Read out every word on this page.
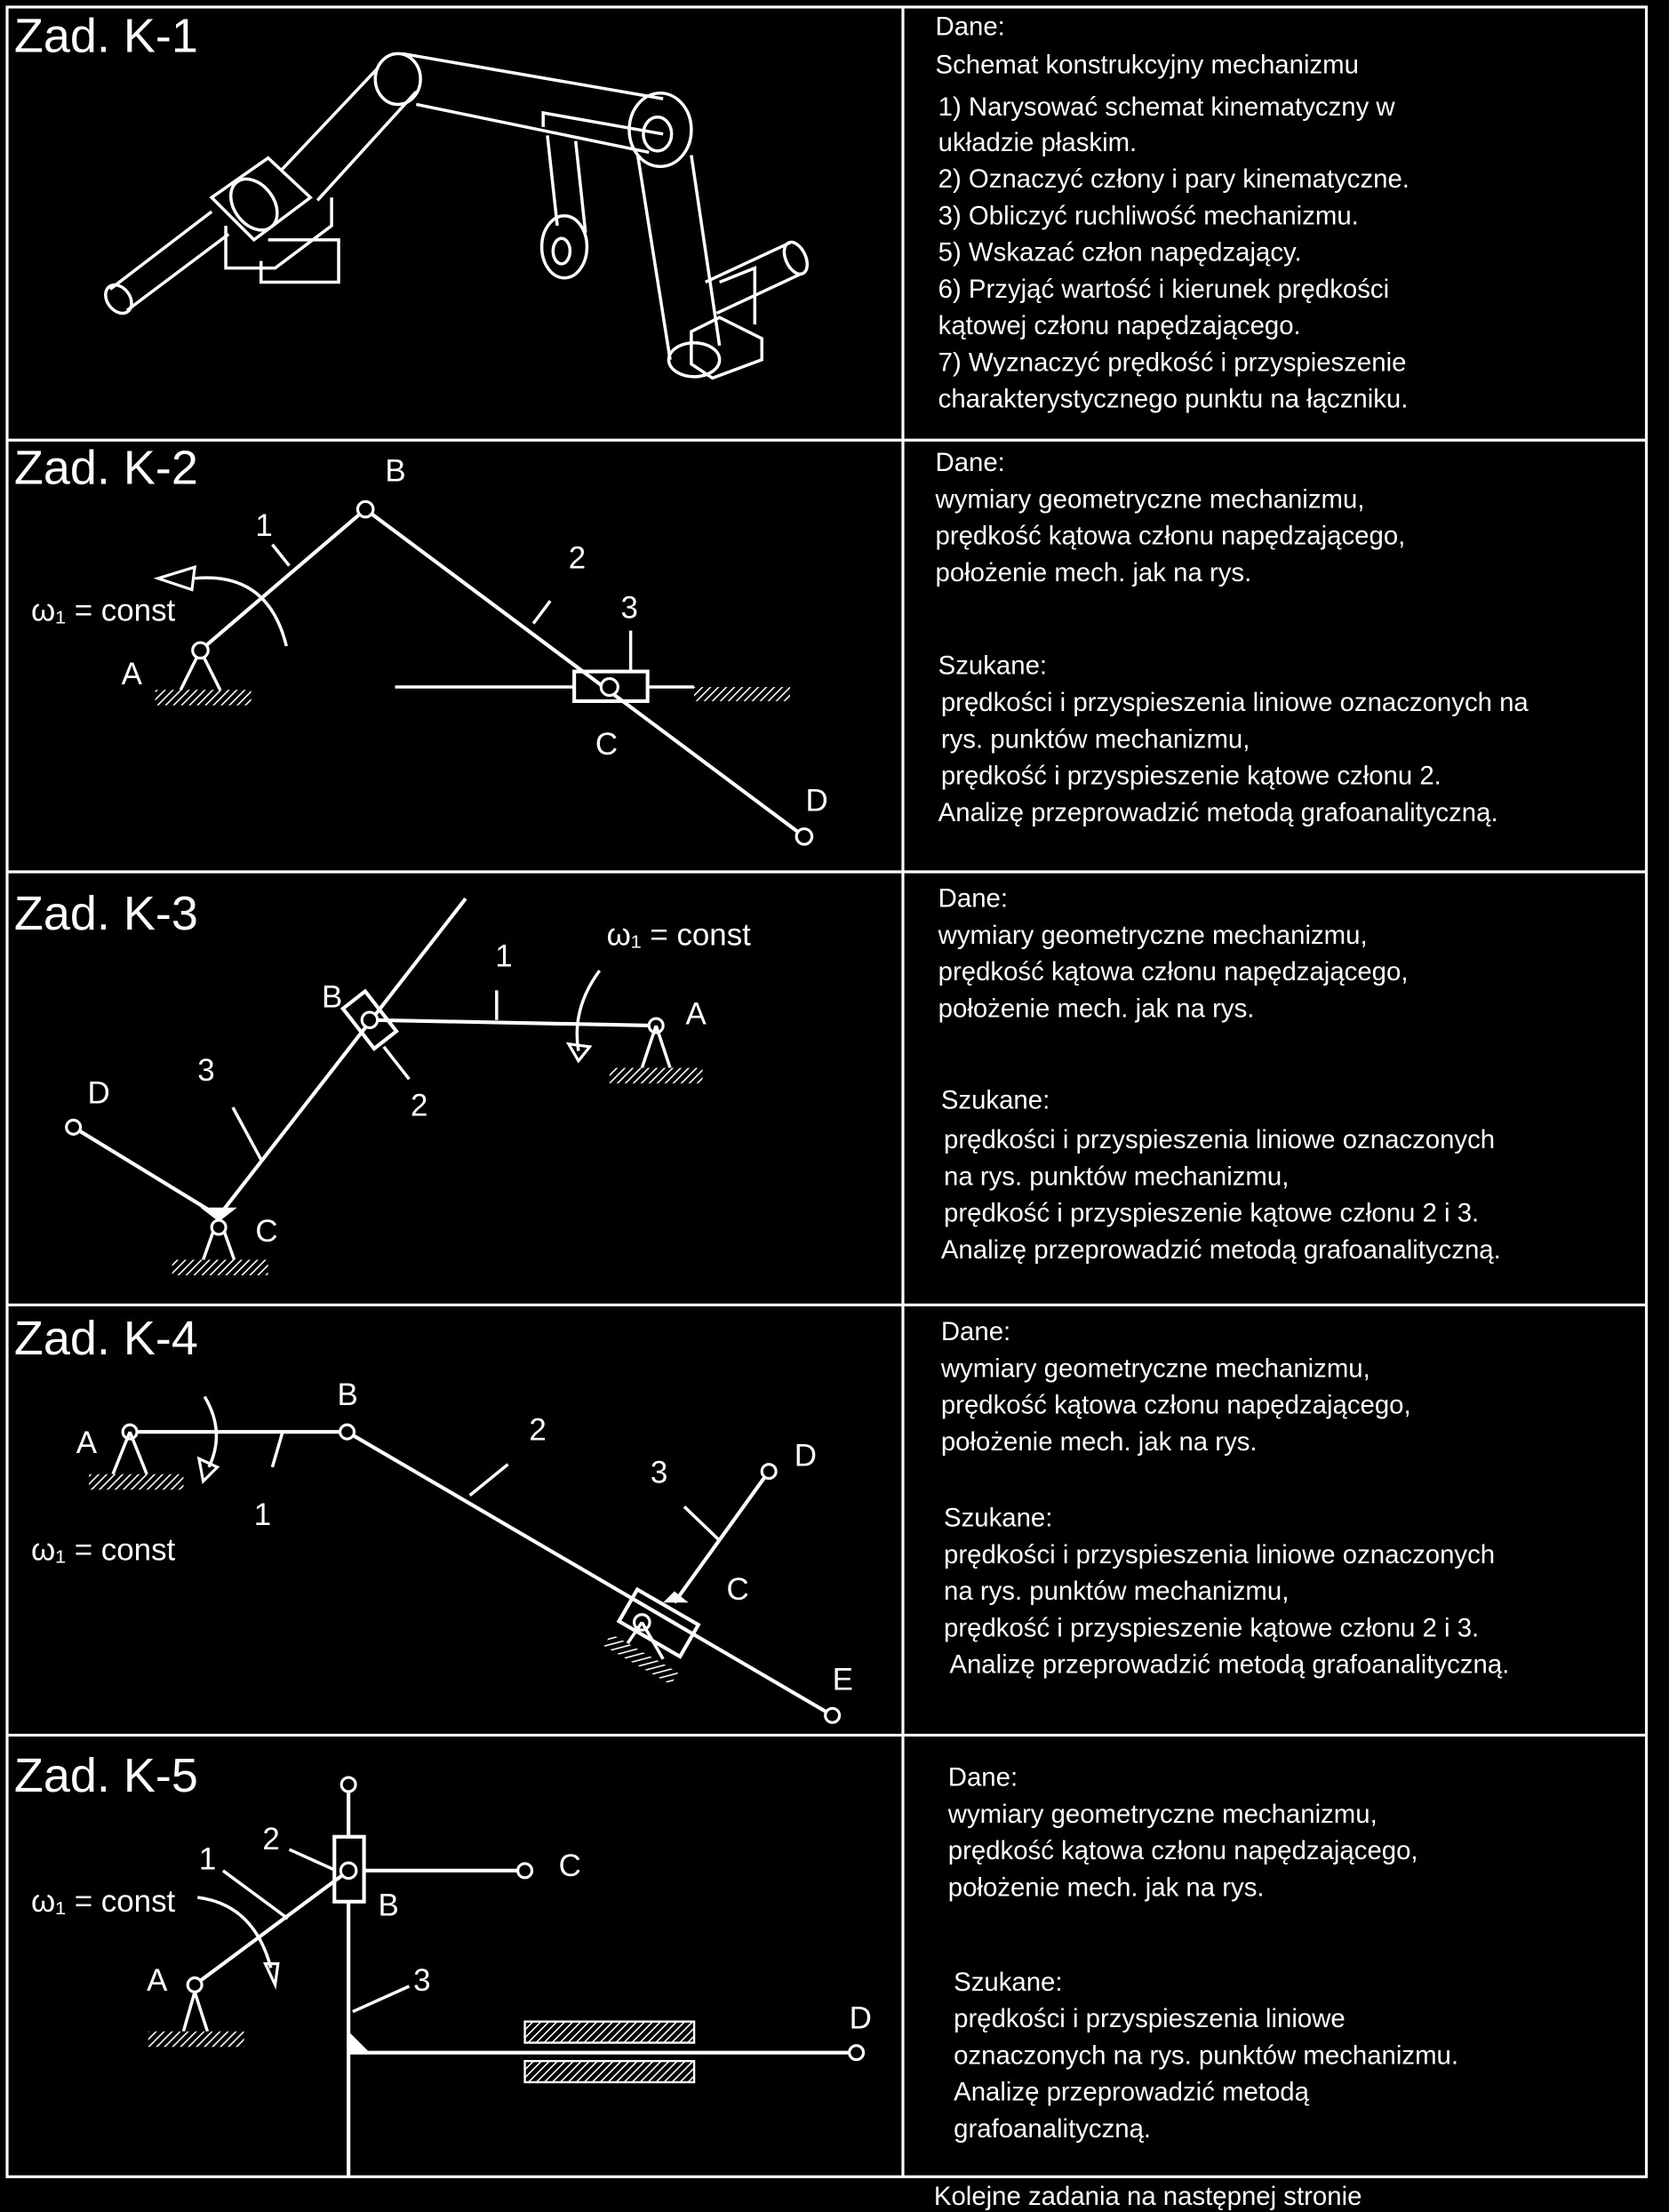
Zad. K-1
Zad. K-2
Zad. K-3
Zad. K-4
Zad. K-5
A
B
C
D
1
2
3
ω₁ = const
A
B
C
D
1
2
3
ω₁ = const
A
B
C
D
E
1
2
3
ω₁ = const
A
B
C
D
1
2
3
ω₁ = const
Dane:
Schemat konstrukcyjny mechanizmu
1) Narysować schemat kinematyczny w
układzie płaskim.
2) Oznaczyć człony i pary kinematyczne.
3) Obliczyć ruchliwość mechanizmu.
5) Wskazać człon napędzający.
6) Przyjąć wartość i kierunek prędkości
kątowej członu napędzającego.
7) Wyznaczyć prędkość i przyspieszenie
charakterystycznego punktu na łączniku.
Dane:
wymiary geometryczne mechanizmu,
prędkość kątowa członu napędzającego,
położenie mech. jak na rys.
Szukane:
prędkości i przyspieszenia liniowe oznaczonych na
rys. punktów mechanizmu,
prędkość i przyspieszenie kątowe członu 2.
Analizę przeprowadzić metodą grafoanalityczną.
Dane:
wymiary geometryczne mechanizmu,
prędkość kątowa członu napędzającego,
położenie mech. jak na rys.
Szukane:
prędkości i przyspieszenia liniowe oznaczonych
na rys. punktów mechanizmu,
prędkość i przyspieszenie kątowe członu 2 i 3.
Analizę przeprowadzić metodą grafoanalityczną.
Dane:
wymiary geometryczne mechanizmu,
prędkość kątowa członu napędzającego,
położenie mech. jak na rys.
Szukane:
prędkości i przyspieszenia liniowe oznaczonych
na rys. punktów mechanizmu,
prędkość i przyspieszenie kątowe członu 2 i 3.
Analizę przeprowadzić metodą grafoanalityczną.
Dane:
wymiary geometryczne mechanizmu,
prędkość kątowa członu napędzającego,
położenie mech. jak na rys.
Szukane:
prędkości i przyspieszenia liniowe
oznaczonych na rys. punktów mechanizmu.
Analizę przeprowadzić metodą
grafoanalityczną.
Kolejne zadania na następnej stronie
